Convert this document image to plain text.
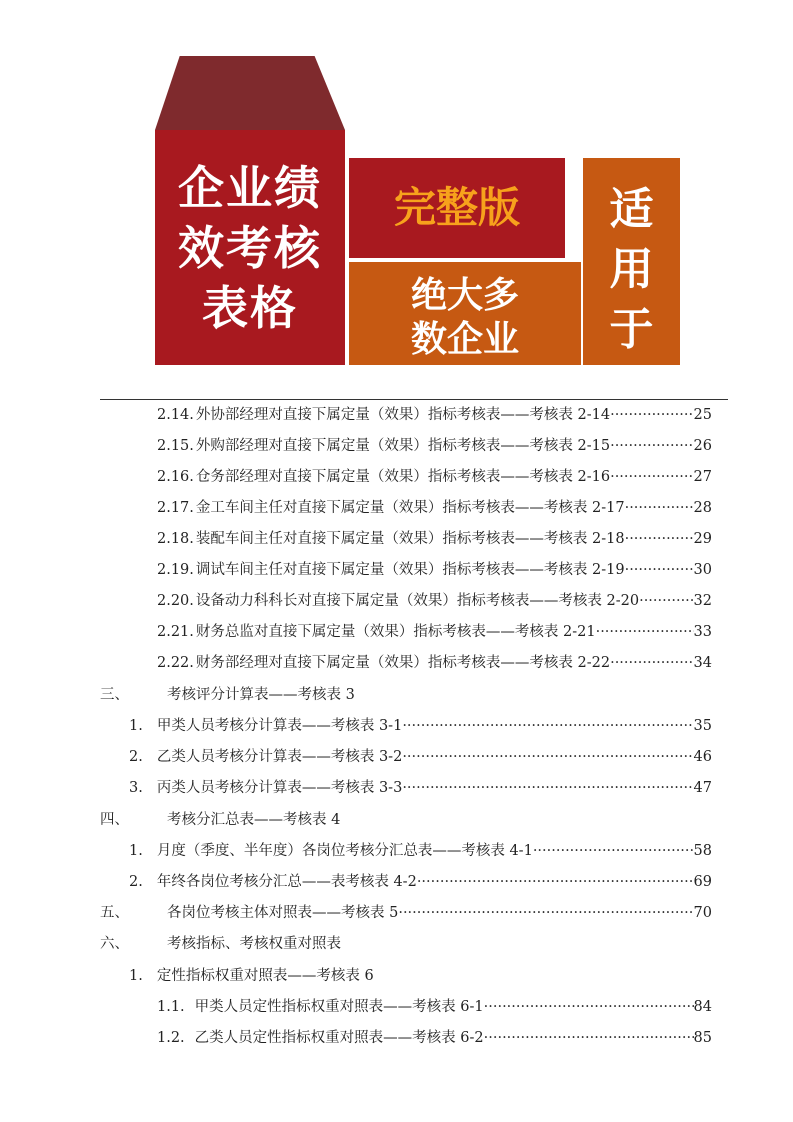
企业绩
效考核
表格
完整版
绝大多
数企业
适
用
于
2.14. 外协部经理对直接下属定量（效果）指标考核表——考核表 2-14 ·····	25
2.15. 外购部经理对直接下属定量（效果）指标考核表——考核表 2-15 ·····	26
2.16. 仓务部经理对直接下属定量（效果）指标考核表——考核表 2-16 ·····	27
2.17. 金工车间主任对直接下属定量（效果）指标考核表——考核表 2-17 ·····	28
2.18. 装配车间主任对直接下属定量（效果）指标考核表——考核表 2-18 ·····	29
2.19. 调试车间主任对直接下属定量（效果）指标考核表——考核表 2-19 ·····	30
2.20. 设备动力科科长对直接下属定量（效果）指标考核表——考核表 2-20 ·····	32
2.21. 财务总监对直接下属定量（效果）指标考核表——考核表 2-21 ·····	33
2.22. 财务部经理对直接下属定量（效果）指标考核表——考核表 2-22 ·····	34
三、	考核评分计算表——考核表 3
1. 甲类人员考核分计算表——考核表 3-1 ·····	35
2. 乙类人员考核分计算表——考核表 3-2 ·····	46
3. 丙类人员考核分计算表——考核表 3-3 ·····	47
四、	考核分汇总表——考核表 4
1. 月度（季度、半年度）各岗位考核分汇总表——考核表 4-1 ·····	58
2. 年终各岗位考核分汇总——表考核表 4-2 ·····	69
五、	各岗位考核主体对照表——考核表 5 ·····	70
六、	考核指标、考核权重对照表
1. 定性指标权重对照表——考核表 6
1.1. 甲类人员定性指标权重对照表——考核表 6-1 ·····	84
1.2. 乙类人员定性指标权重对照表——考核表 6-2 ·····	85
